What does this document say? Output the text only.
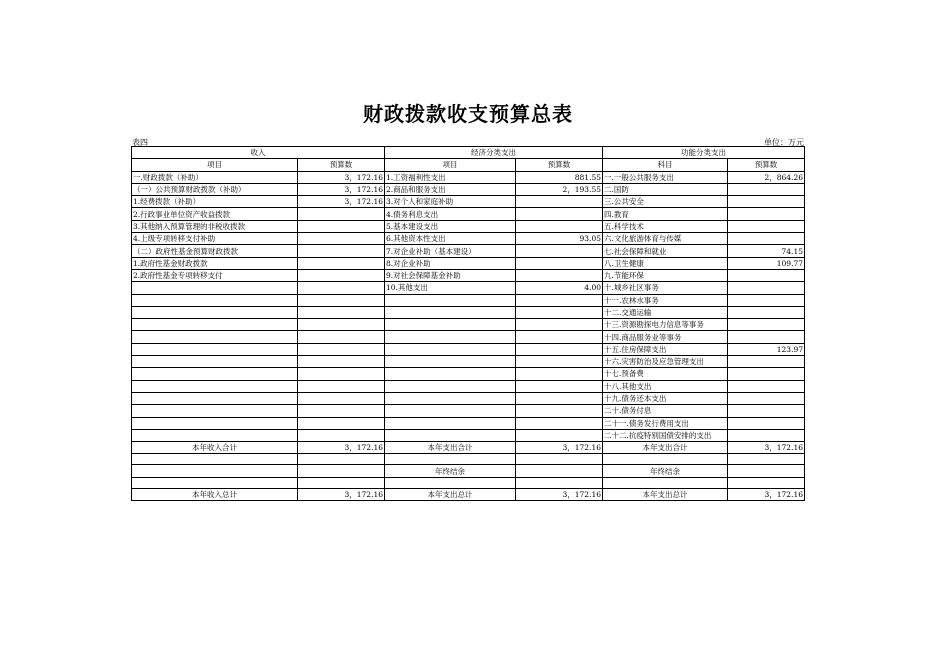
财政拨款收支预算总表
表四	单位：万元
收入		经济分类支出		功能分类支出	
项目	预算数	项目	预算数	科目	预算数
一.财政拨款（补助）	3，172.16	1.工资福利性支出	881.55	一.一般公共服务支出	2，864.26
（一）公共预算财政拨款（补助）	3，172.16	2.商品和服务支出	2，193.55	二.国防	
1.经费拨款（补助）	3，172.16	3.对个人和家庭补助		三.公共安全	
2.行政事业单位资产收益拨款		4.债务利息支出		四.教育	
3.其他纳入预算管理的非税收拨款		5.基本建设支出		五.科学技术	
4.上级专项转移支付补助		6.其他资本性支出	93.05	六.文化旅游体育与传媒	
（二）政府性基金预算财政拨款		7.对企业补助（基本建设）		七.社会保障和就业	74.15
1.政府性基金财政拨款		8.对企业补助		八.卫生健康	109.77
2.政府性基金专项转移支付		9.对社会保障基金补助		九.节能环保	
		10.其他支出	4.00	十.城乡社区事务	
				十一.农林水事务	
				十二.交通运输	
				十三.资源勘探电力信息等事务	
				十四.商品服务业等事务	
				十五.住房保障支出	123.97
				十六.灾害防治及应急管理支出	
				十七.预备费	
				十八.其他支出	
				十九.债务还本支出	
				二十.债务付息	
				二十一.债务发行费用支出	
				二十二.抗疫特别国债安排的支出	
本年收入合计	3，172.16	本年支出合计	3，172.16	本年支出合计	3，172.16

		年终结余		年终结余	

本年收入总计	3，172.16	本年支出总计	3，172.16	本年支出总计	3，172.16
